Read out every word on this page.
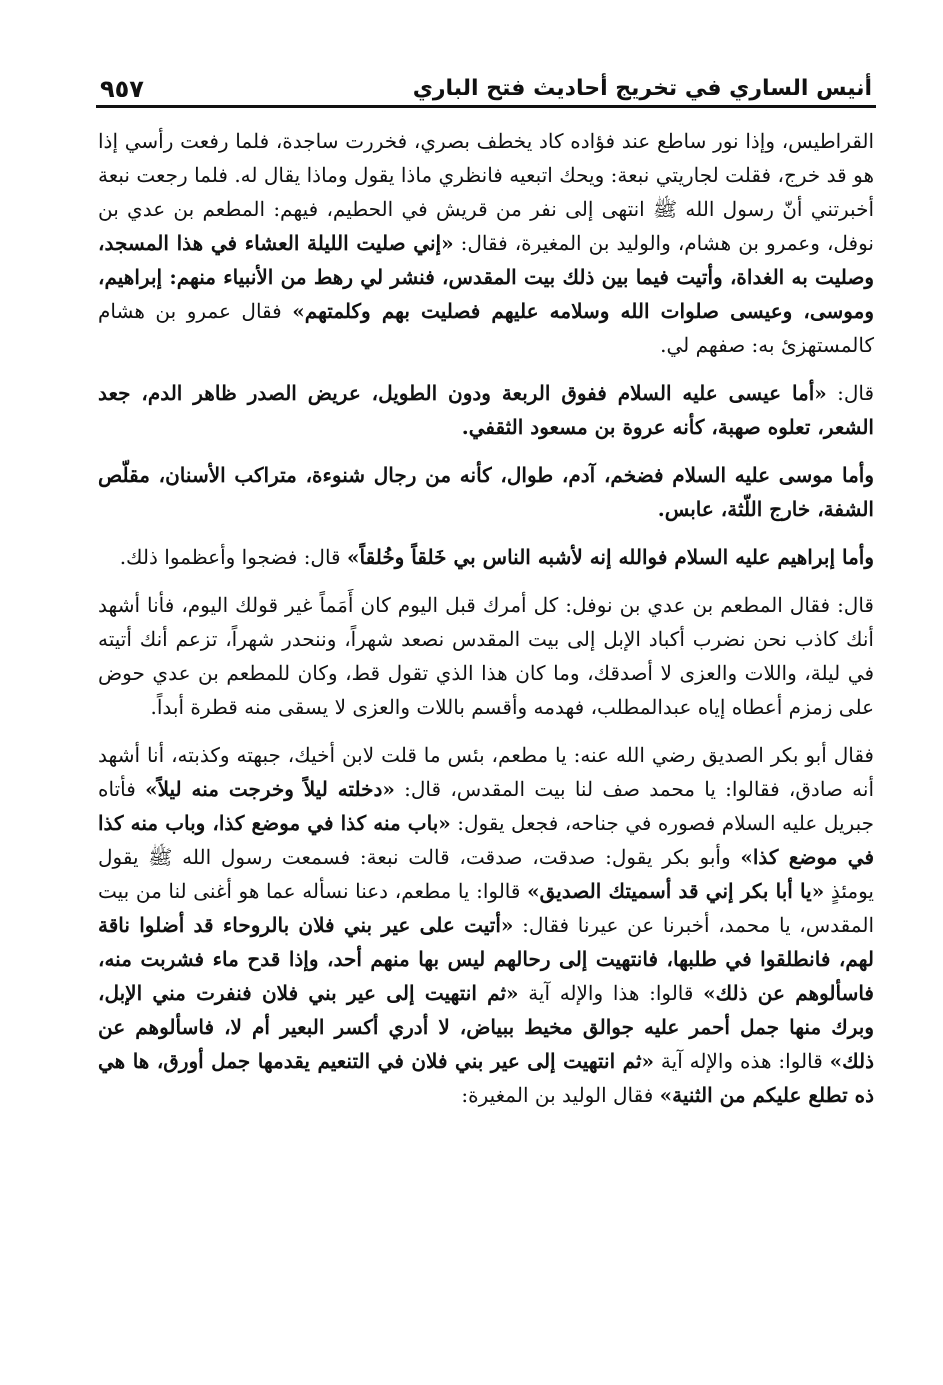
أنيس الساري في تخريج أحاديث فتح الباري
٩٥٧

القراطيس، وإذا نور ساطع عند فؤاده كاد يخطف بصري، فخررت ساجدة، فلما رفعت رأسي إذا هو قد خرج، فقلت لجاريتي نبعة: ويحك اتبعيه فانظري ماذا يقول وماذا يقال له. فلما رجعت نبعة أخبرتني أنّ رسول الله ﷺ انتهى إلى نفر من قريش في الحطيم، فيهم: المطعم بن عدي بن نوفل، وعمرو بن هشام، والوليد بن المغيرة، فقال: «إني صليت الليلة العشاء في هذا المسجد، وصليت به الغداة، وأتيت فيما بين ذلك بيت المقدس، فنشر لي رهط من الأنبياء منهم: إبراهيم، وموسى، وعيسى صلوات الله وسلامه عليهم فصليت بهم وكلمتهم» فقال عمرو بن هشام كالمستهزئ به: صفهم لي.

قال: «أما عيسى عليه السلام ففوق الربعة ودون الطويل، عريض الصدر ظاهر الدم، جعد الشعر، تعلوه صهبة، كأنه عروة بن مسعود الثقفي.

وأما موسى عليه السلام فضخم، آدم، طوال، كأنه من رجال شنوءة، متراكب الأسنان، مقلّص الشفة، خارج اللّثة، عابس.

وأما إبراهيم عليه السلام فوالله إنه لأشبه الناس بي خَلقاً وخُلقاً» قال: فضجوا وأعظموا ذلك.

قال: فقال المطعم بن عدي بن نوفل: كل أمرك قبل اليوم كان أَمَماً غير قولك اليوم، فأنا أشهد أنك كاذب نحن نضرب أكباد الإبل إلى بيت المقدس نصعد شهراً، وننحدر شهراً، تزعم أنك أتيته في ليلة، واللات والعزى لا أصدقك، وما كان هذا الذي تقول قط، وكان للمطعم بن عدي حوض على زمزم أعطاه إياه عبدالمطلب، فهدمه وأقسم باللات والعزى لا يسقى منه قطرة أبداً.

فقال أبو بكر الصديق رضي الله عنه: يا مطعم، بئس ما قلت لابن أخيك، جبهته وكذبته، أنا أشهد أنه صادق، فقالوا: يا محمد صف لنا بيت المقدس، قال: «دخلته ليلاً وخرجت منه ليلاً» فأتاه جبريل عليه السلام فصوره في جناحه، فجعل يقول: «باب منه كذا في موضع كذا، وباب منه كذا في موضع كذا» وأبو بكر يقول: صدقت، صدقت، قالت نبعة: فسمعت رسول الله ﷺ يقول يومئذٍ «يا أبا بكر إني قد أسميتك الصديق» قالوا: يا مطعم، دعنا نسأله عما هو أغنى لنا من بيت المقدس، يا محمد، أخبرنا عن عيرنا فقال: «أتيت على عير بني فلان بالروحاء قد أضلوا ناقة لهم، فانطلقوا في طلبها، فانتهيت إلى رحالهم ليس بها منهم أحد، وإذا قدح ماء فشربت منه، فاسألوهم عن ذلك» قالوا: هذا والإله آية «ثم انتهيت إلى عير بني فلان فنفرت مني الإبل، وبرك منها جمل أحمر عليه جوالق مخيط ببياض، لا أدري أكسر البعير أم لا، فاسألوهم عن ذلك» قالوا: هذه والإله آية «ثم انتهيت إلى عير بني فلان في التنعيم يقدمها جمل أورق، ها هي ذه تطلع عليكم من الثنية» فقال الوليد بن المغيرة:
